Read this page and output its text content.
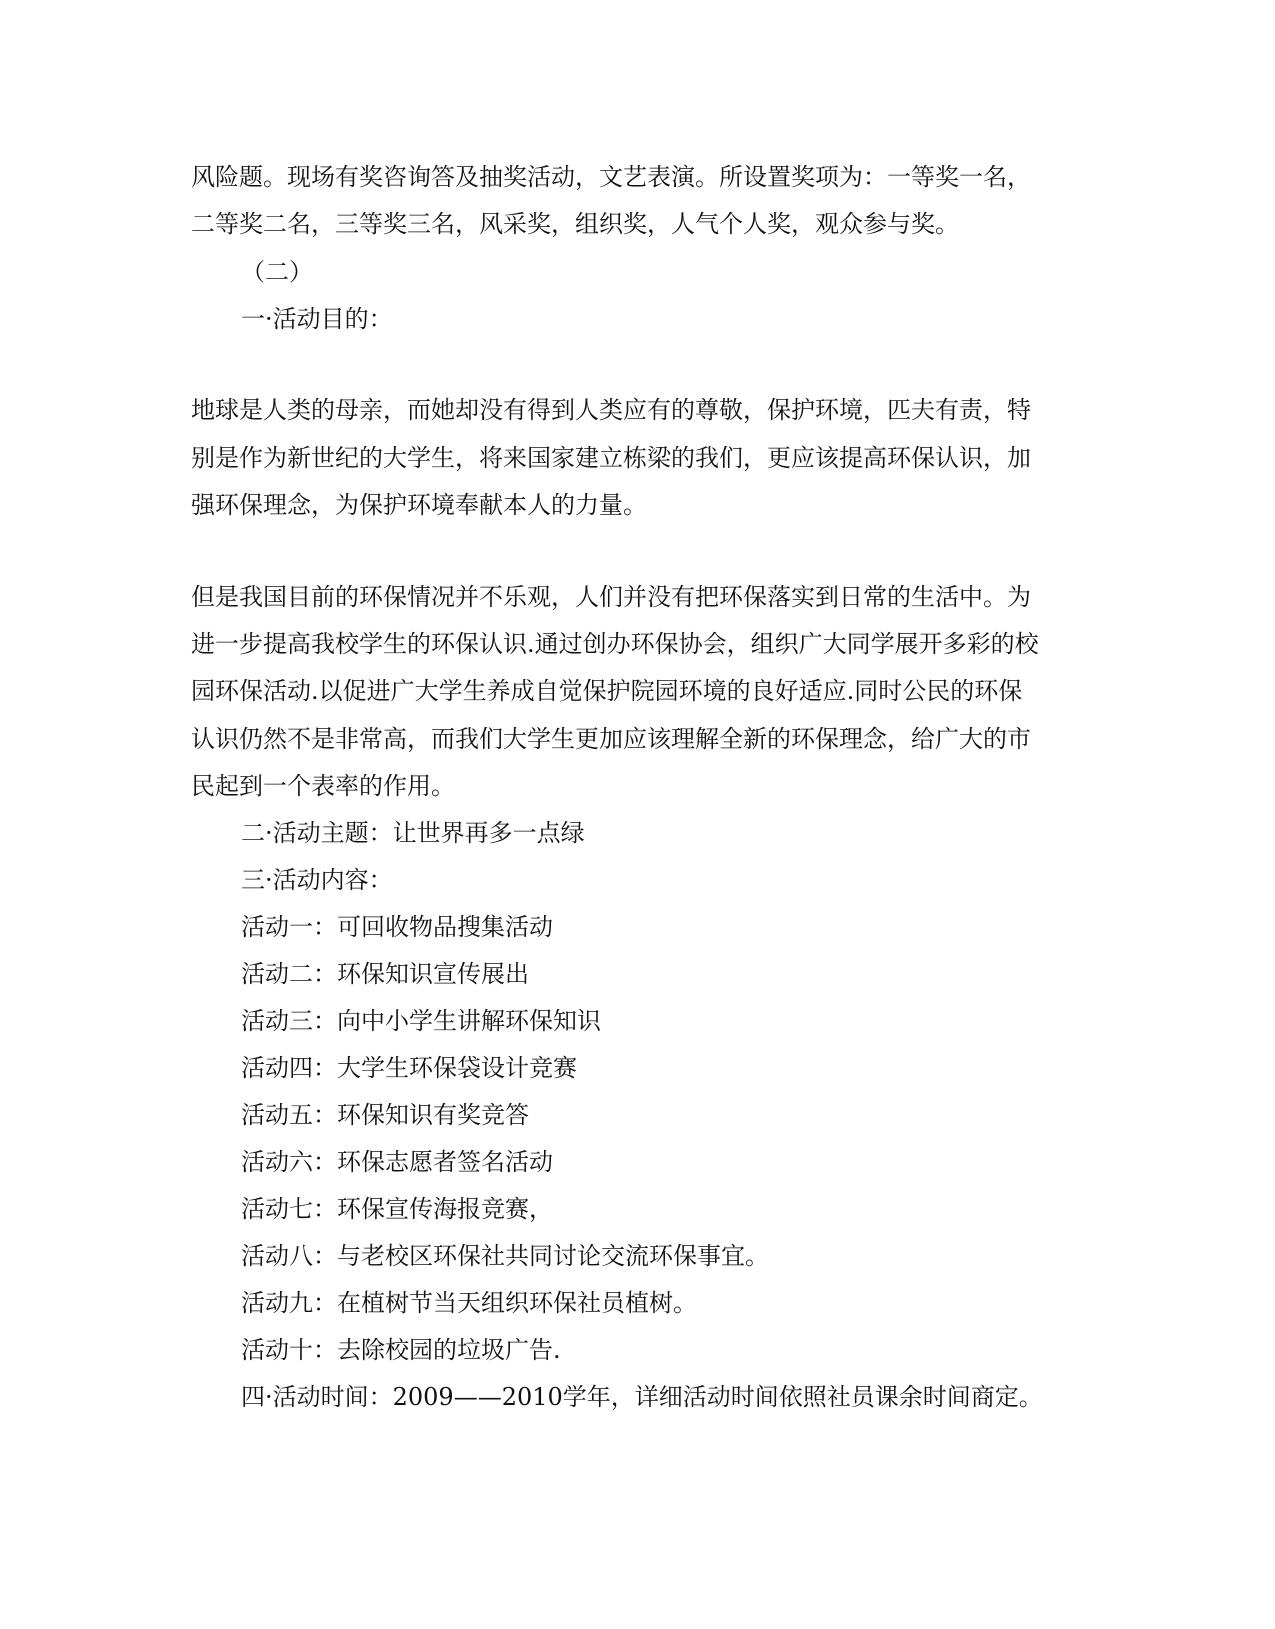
风险题。现场有奖咨询答及抽奖活动，文艺表演。所设置奖项为：一等奖一名，
二等奖二名，三等奖三名，风采奖，组织奖，人气个人奖，观众参与奖。
（二）
一·活动目的：
地球是人类的母亲，而她却没有得到人类应有的尊敬，保护环境，匹夫有责，特
别是作为新世纪的大学生，将来国家建立栋梁的我们，更应该提高环保认识，加
强环保理念，为保护环境奉献本人的力量。
但是我国目前的环保情况并不乐观，人们并没有把环保落实到日常的生活中。为
进一步提高我校学生的环保认识.通过创办环保协会，组织广大同学展开多彩的校
园环保活动.以促进广大学生养成自觉保护院园环境的良好适应.同时公民的环保
认识仍然不是非常高，而我们大学生更加应该理解全新的环保理念，给广大的市
民起到一个表率的作用。
二·活动主题：让世界再多一点绿
三·活动内容：
活动一：可回收物品搜集活动
活动二：环保知识宣传展出
活动三：向中小学生讲解环保知识
活动四：大学生环保袋设计竞赛
活动五：环保知识有奖竞答
活动六：环保志愿者签名活动
活动七：环保宣传海报竞赛，
活动八：与老校区环保社共同讨论交流环保事宜。
活动九：在植树节当天组织环保社员植树。
活动十：去除校园的垃圾广告.
四·活动时间：2009——2010学年，详细活动时间依照社员课余时间商定。
